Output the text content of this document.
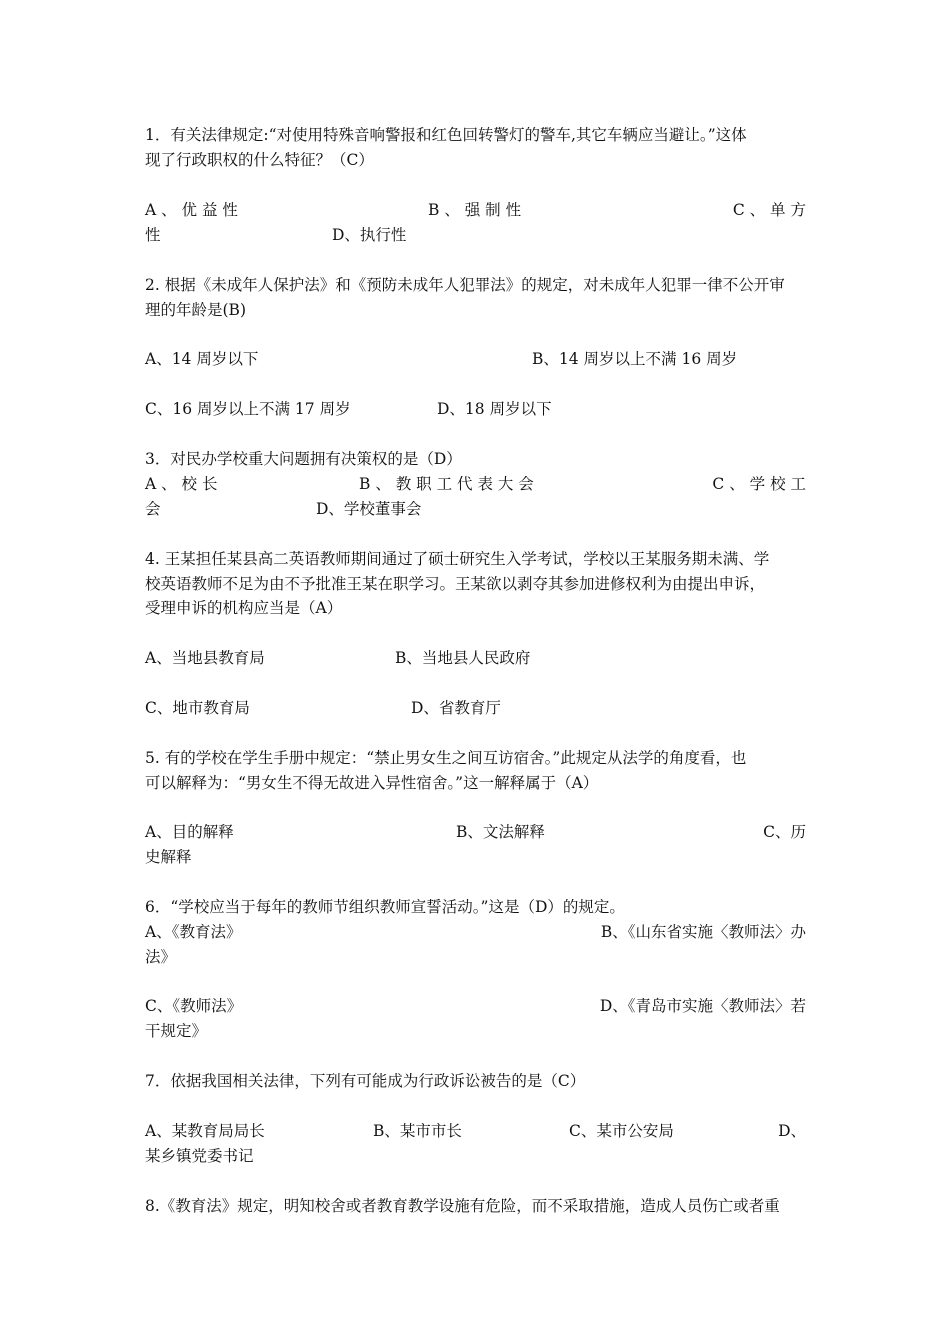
1．有关法律规定:“对使用特殊音响警报和红色回转警灯的警车,其它车辆应当避让。”这体
现了行政职权的什么特征？（C）
A 、 优 益 性	B 、 强 制 性	C 、 单 方
性	D、执行性
2. 根据《未成年人保护法》和《预防未成年人犯罪法》的规定，对未成年人犯罪一律不公开审
理的年龄是(B)
A、14 周岁以下	B、14 周岁以上不满 16 周岁
C、16 周岁以上不满 17 周岁	D、18 周岁以下
3．对民办学校重大问题拥有决策权的是（D）
A 、 校 长	B 、 教 职 工 代 表 大 会	C 、 学 校 工
会	D、学校董事会
4. 王某担任某县高二英语教师期间通过了硕士研究生入学考试，学校以王某服务期未满、学
校英语教师不足为由不予批准王某在职学习。王某欲以剥夺其参加进修权利为由提出申诉，
受理申诉的机构应当是（A）
A、当地县教育局	B、当地县人民政府
C、地市教育局	D、省教育厅
5. 有的学校在学生手册中规定：“禁止男女生之间互访宿舍。”此规定从法学的角度看，也
可以解释为：“男女生不得无故进入异性宿舍。”这一解释属于（A）
A、目的解释	B、文法解释	C、历
史解释
6．“学校应当于每年的教师节组织教师宣誓活动。”这是（D）的规定。
A、《教育法》	B、《山东省实施〈教师法〉办
法》
C、《教师法》	D、《青岛市实施〈教师法〉若
干规定》
7．依据我国相关法律，下列有可能成为行政诉讼被告的是（C）
A、某教育局局长	B、某市市长	C、某市公安局	D、
某乡镇党委书记
8.《教育法》规定，明知校舍或者教育教学设施有危险，而不采取措施，造成人员伤亡或者重
